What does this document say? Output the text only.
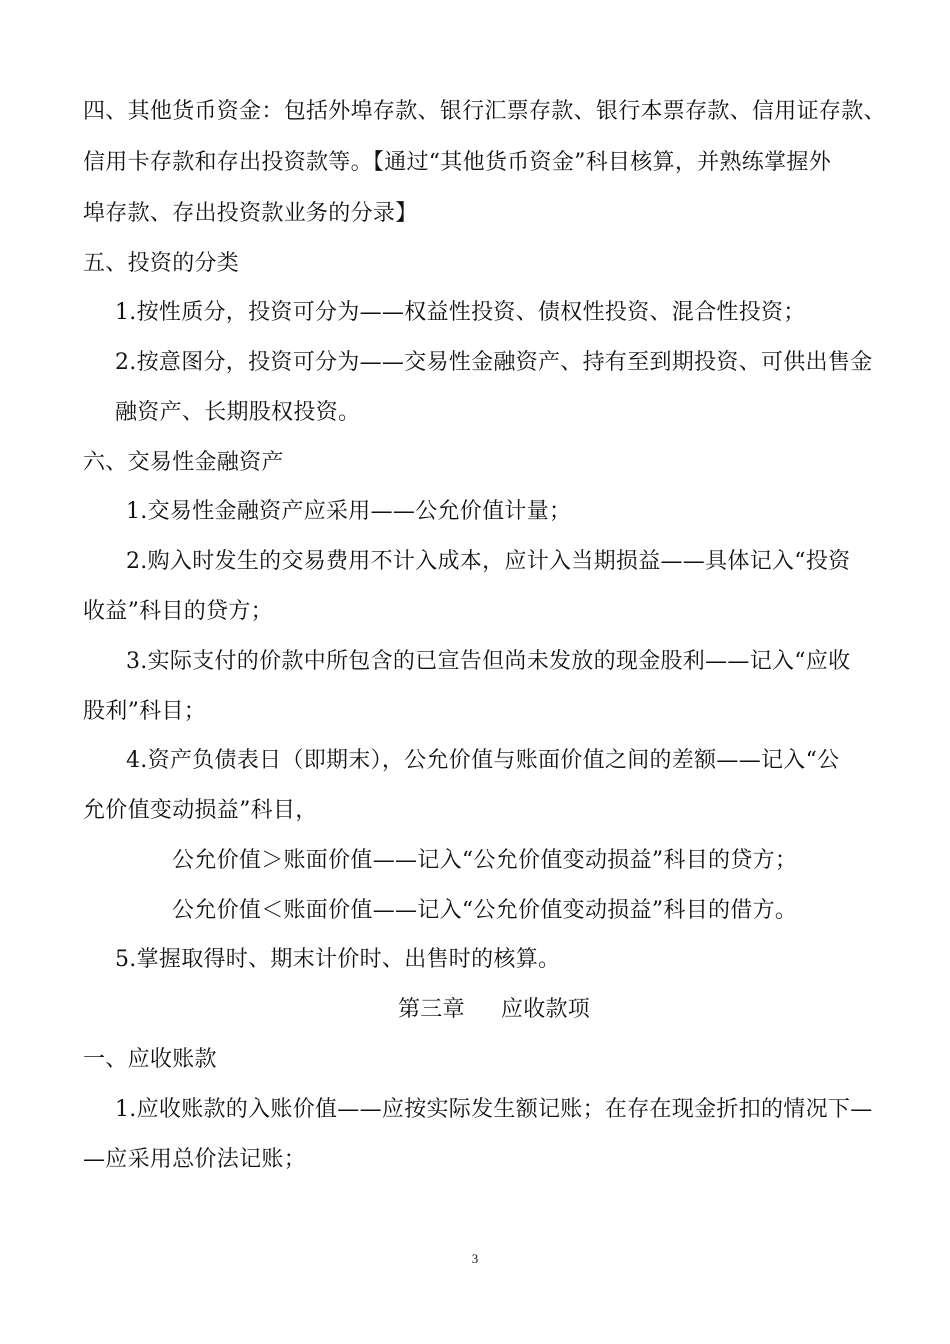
四、其他货币资金：包括外埠存款、银行汇票存款、银行本票存款、信用证存款、
信用卡存款和存出投资款等。【通过“其他货币资金”科目核算，并熟练掌握外
埠存款、存出投资款业务的分录】
五、投资的分类
1.按性质分，投资可分为——权益性投资、债权性投资、混合性投资；
2.按意图分，投资可分为——交易性金融资产、持有至到期投资、可供出售金
融资产、长期股权投资。
六、交易性金融资产
1.交易性金融资产应采用——公允价值计量；
2.购入时发生的交易费用不计入成本，应计入当期损益——具体记入“投资
收益”科目的贷方；
3.实际支付的价款中所包含的已宣告但尚未发放的现金股利——记入“应收
股利”科目；
4.资产负债表日（即期末），公允价值与账面价值之间的差额——记入“公
允价值变动损益”科目，
公允价值＞账面价值——记入“公允价值变动损益”科目的贷方；
公允价值＜账面价值——记入“公允价值变动损益”科目的借方。
5.掌握取得时、期末计价时、出售时的核算。
第三章 应收款项
一、应收账款
1.应收账款的入账价值——应按实际发生额记账；在存在现金折扣的情况下—
—应采用总价法记账；
3
